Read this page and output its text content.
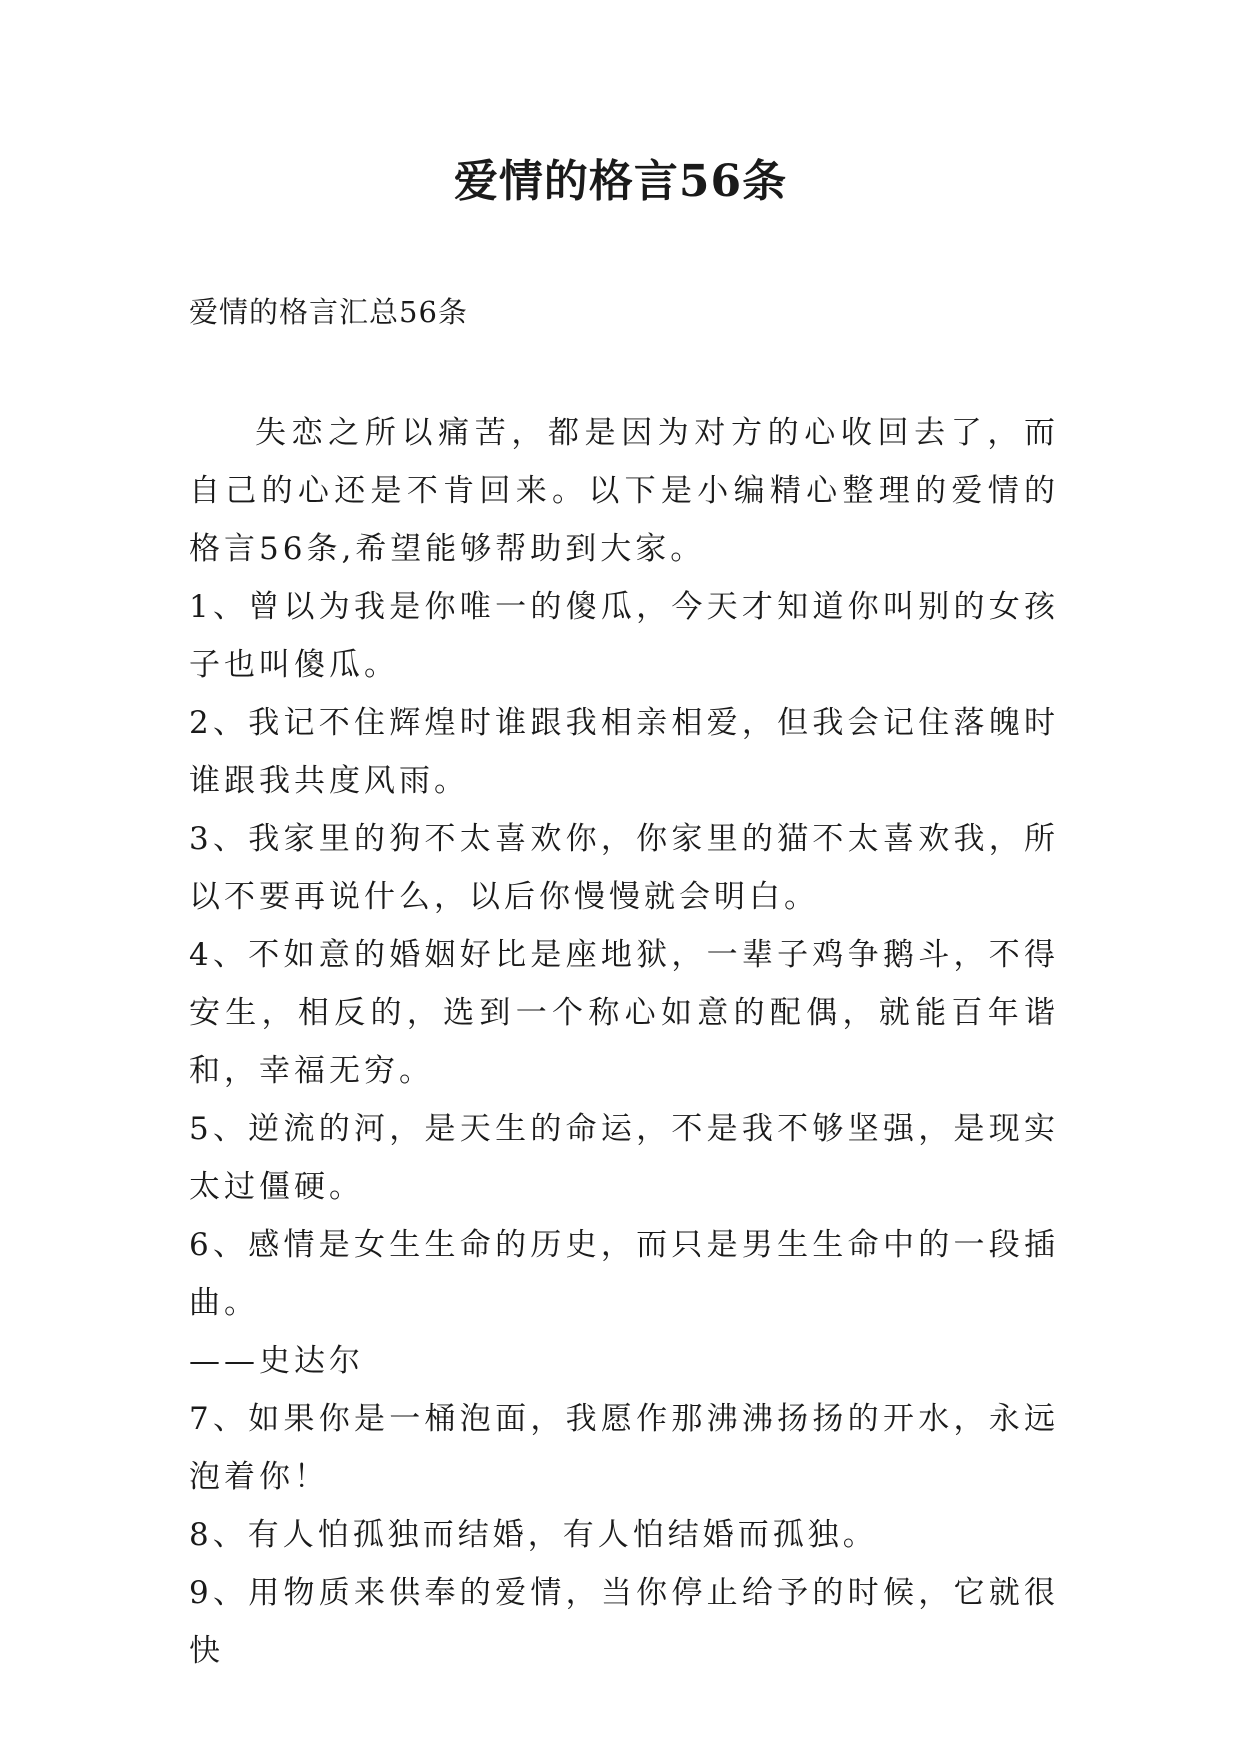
爱情的格言56条
爱情的格言汇总56条

失恋之所以痛苦，都是因为对方的心收回去了，而自己的心还是不肯回来。以下是小编精心整理的爱情的格言56条,希望能够帮助到大家。

1、曾以为我是你唯一的傻瓜，今天才知道你叫别的女孩子也叫傻瓜。

2、我记不住辉煌时谁跟我相亲相爱，但我会记住落魄时谁跟我共度风雨。

3、我家里的狗不太喜欢你，你家里的猫不太喜欢我，所以不要再说什么，以后你慢慢就会明白。

4、不如意的婚姻好比是座地狱，一辈子鸡争鹅斗，不得安生，相反的，选到一个称心如意的配偶，就能百年谐和，幸福无穷。

5、逆流的河，是天生的命运，不是我不够坚强，是现实太过僵硬。

6、感情是女生生命的历史，而只是男生生命中的一段插曲。

——史达尔

7、如果你是一桶泡面，我愿作那沸沸扬扬的开水，永远泡着你！

8、有人怕孤独而结婚，有人怕结婚而孤独。

9、用物质来供奉的爱情，当你停止给予的时候，它就很快
